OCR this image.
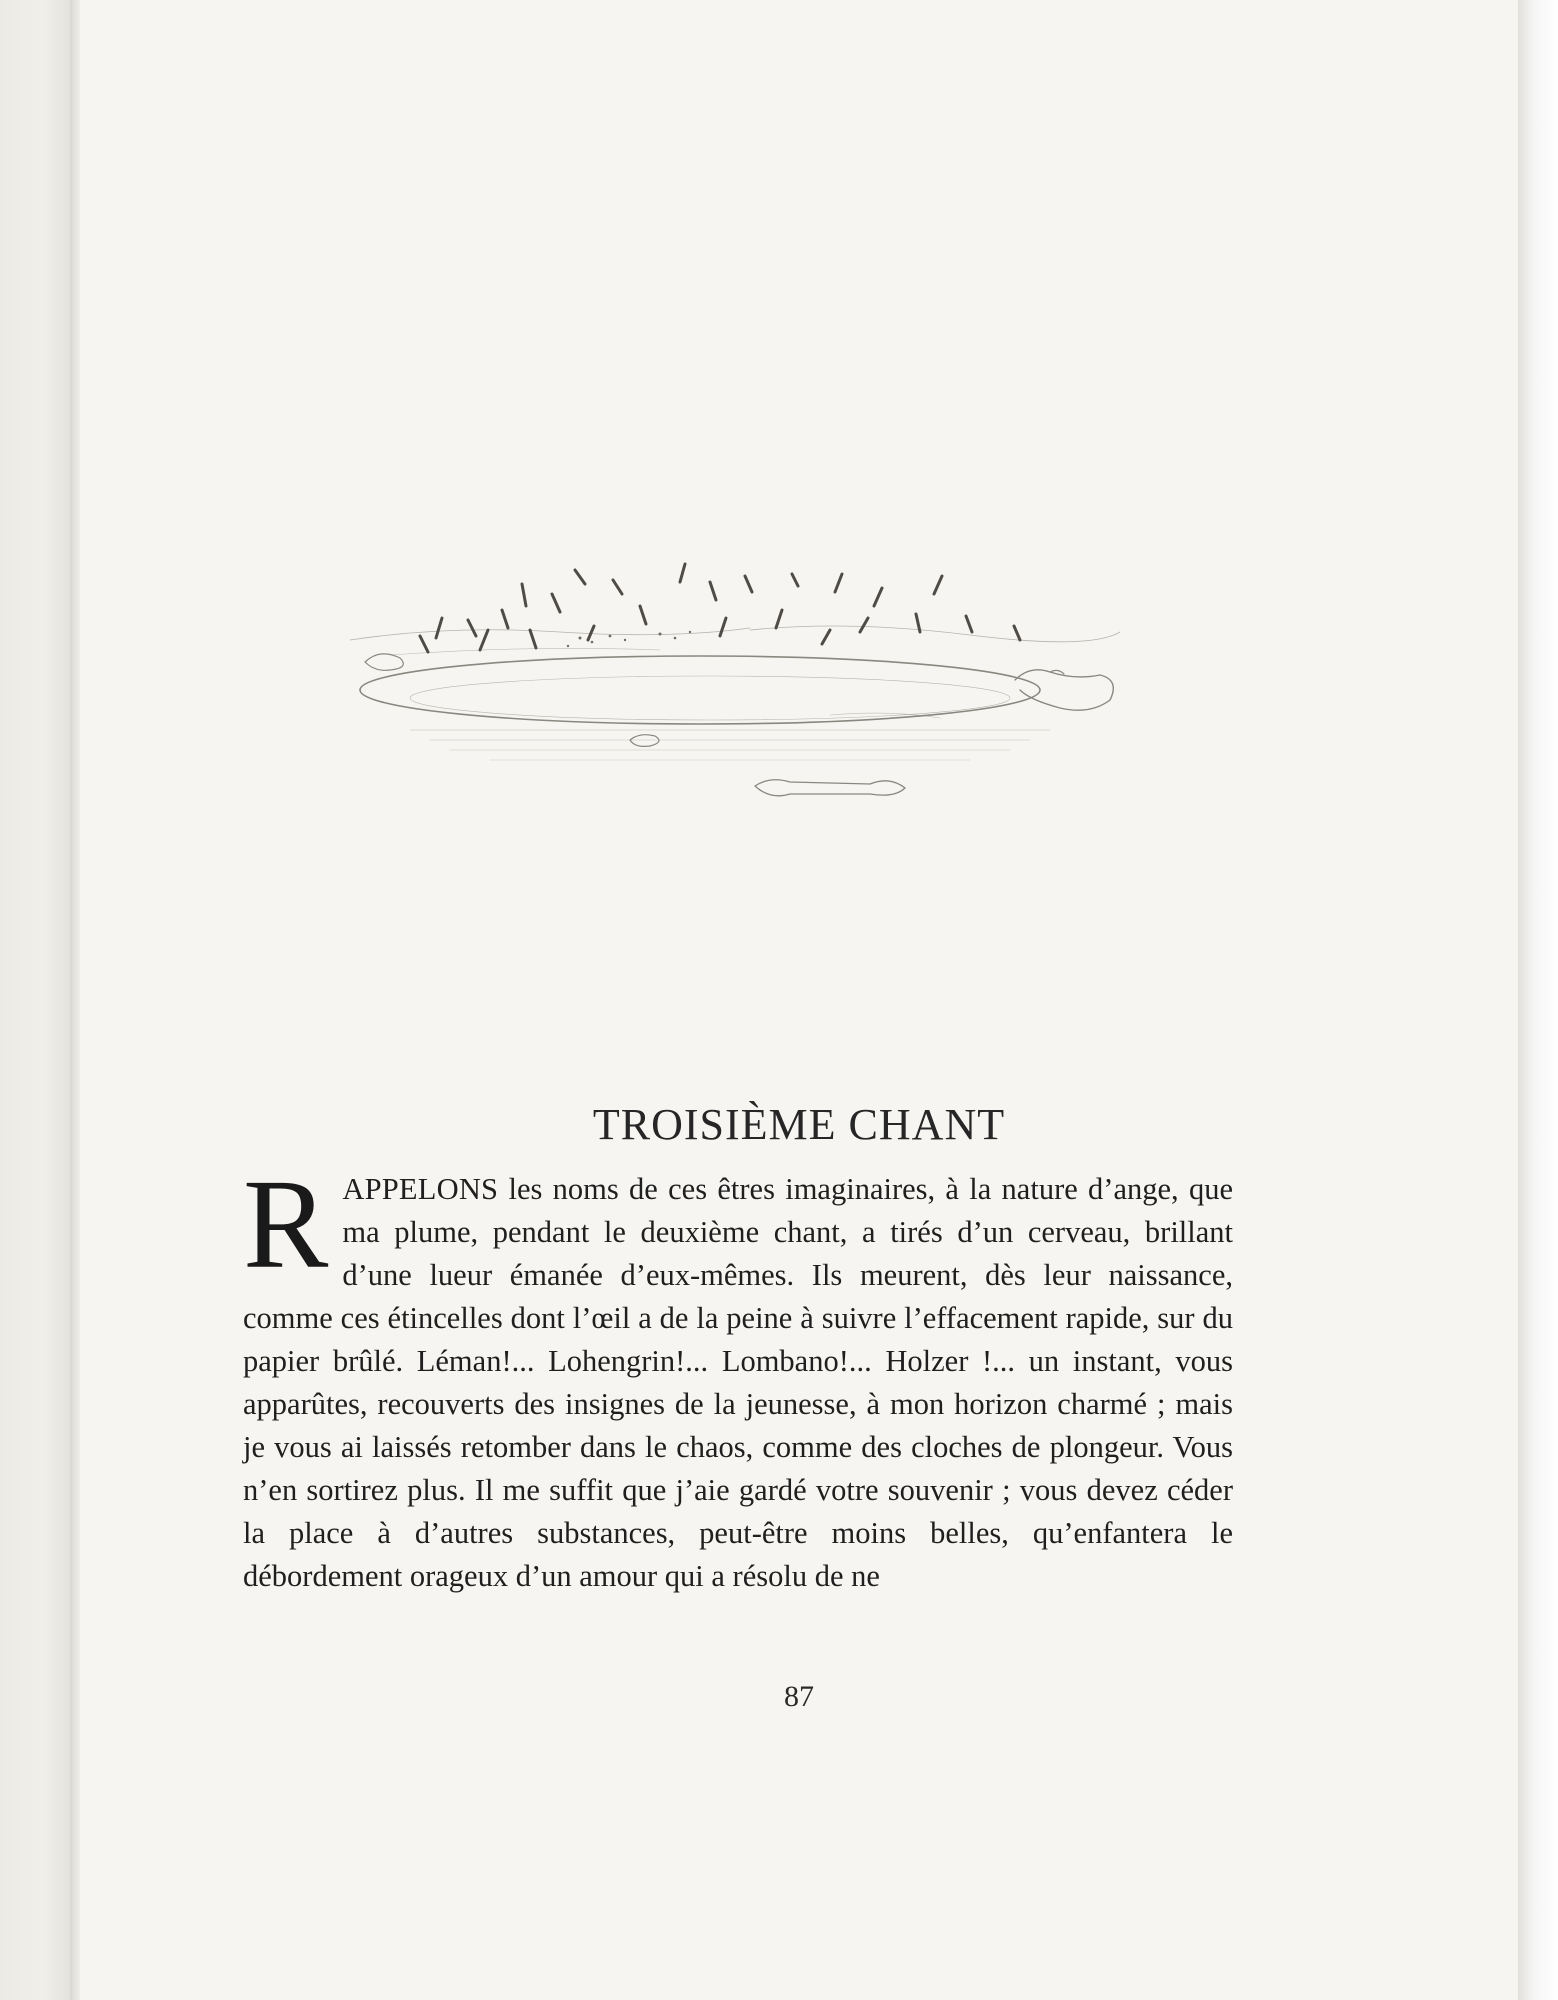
TROISIÈME CHANT
RAPPELONS les noms de ces êtres imaginaires, à la nature d’ange, que ma plume, pendant le deuxième chant, a tirés d’un cerveau, brillant d’une lueur émanée d’eux-mêmes. Ils meurent, dès leur naissance, comme ces étincelles dont l’œil a de la peine à suivre l’effacement rapide, sur du papier brûlé. Léman!... Lohengrin!... Lombano!... Holzer !... un instant, vous apparûtes, recouverts des insignes de la jeunesse, à mon horizon charmé ; mais je vous ai laissés retomber dans le chaos, comme des cloches de plongeur. Vous n’en sortirez plus. Il me suffit que j’aie gardé votre souvenir ; vous devez céder la place à d’autres substances, peut-être moins belles, qu’enfantera le débordement orageux d’un amour qui a résolu de ne
87
